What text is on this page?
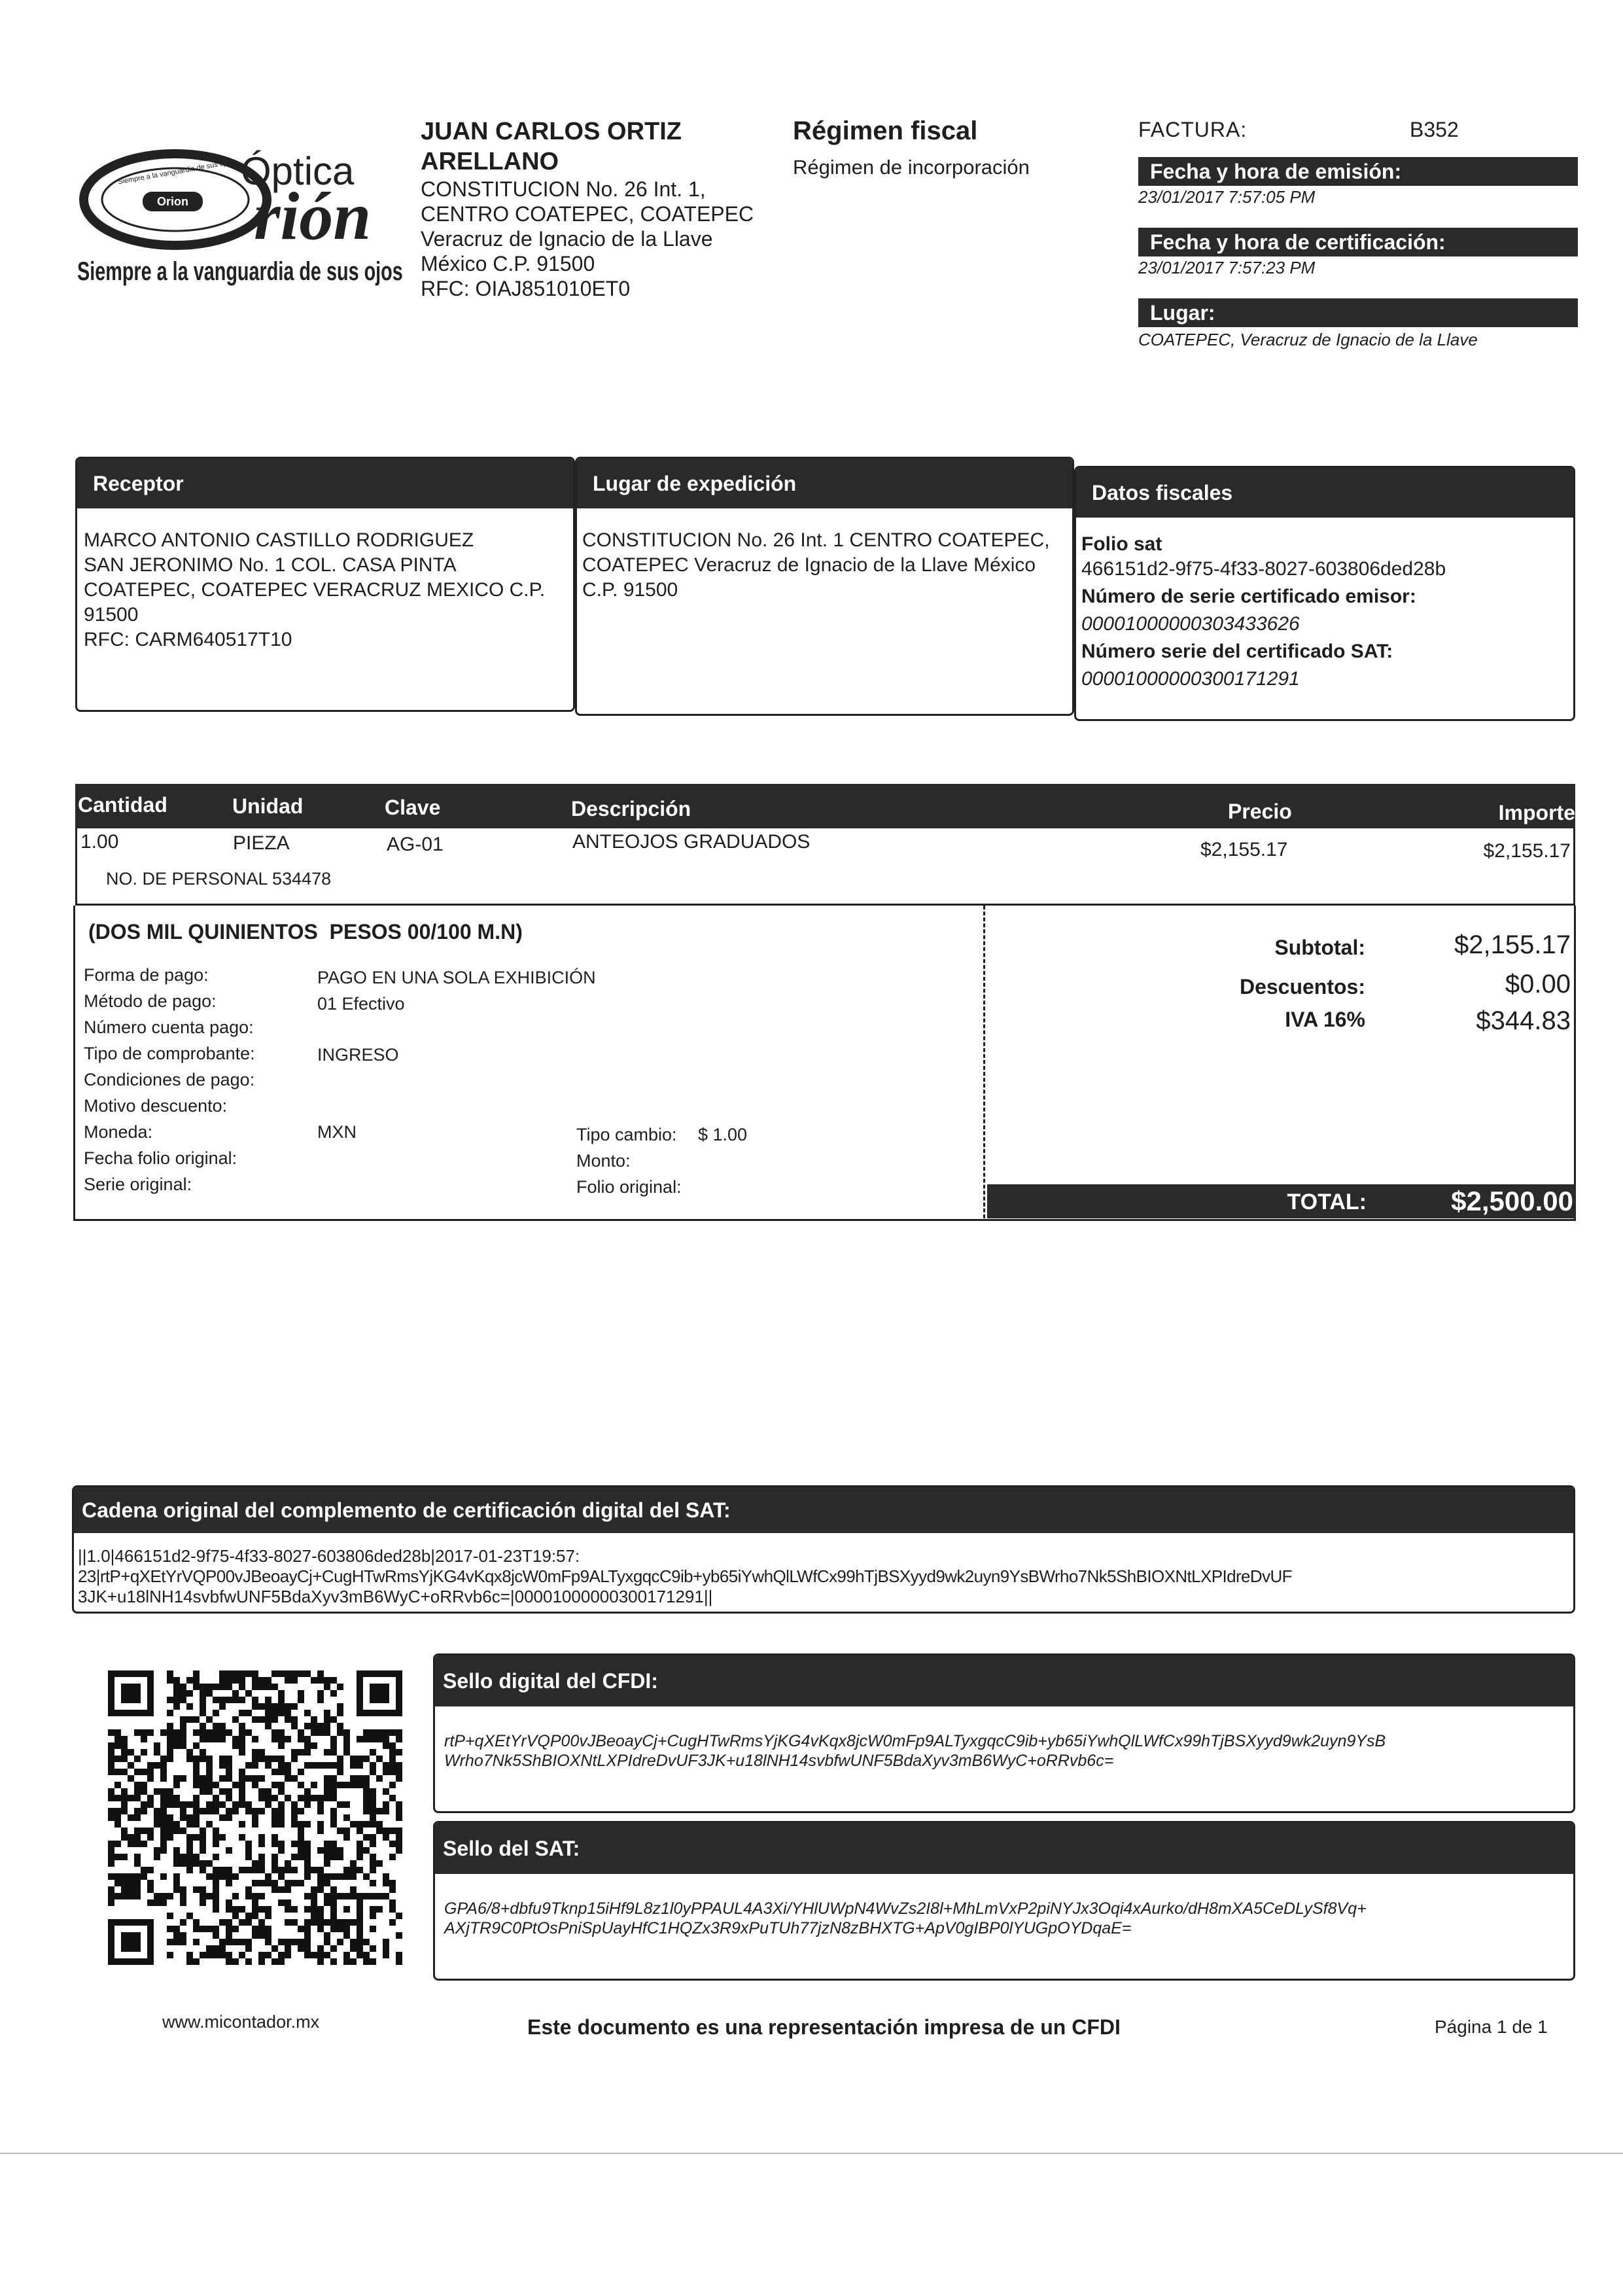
Orion
Siempre a la vanguardia de sus ojos Óptica
rión
Siempre a la vanguardia de sus ojos
JUAN CARLOS ORTIZ
ARELLANO
CONSTITUCION No. 26 Int. 1,
CENTRO COATEPEC, COATEPEC
Veracruz de Ignacio de la Llave
México C.P. 91500
RFC: OIAJ851010ET0
Régimen fiscal
Régimen de incorporación
FACTURA:	B352
Fecha y hora de emisión:
23/01/2017 7:57:05 PM
Fecha y hora de certificación:
23/01/2017 7:57:23 PM
Lugar:
COATEPEC, Veracruz de Ignacio de la Llave
Receptor
MARCO ANTONIO CASTILLO RODRIGUEZ
SAN JERONIMO No. 1 COL. CASA PINTA
COATEPEC, COATEPEC VERACRUZ MEXICO C.P.
91500
RFC: CARM640517T10
Lugar de expedición
CONSTITUCION No. 26 Int. 1 CENTRO COATEPEC, COATEPEC Veracruz de Ignacio de la Llave México C.P. 91500
Datos fiscales
Folio sat
466151d2-9f75-4f33-8027-603806ded28b
Número de serie certificado emisor:
00001000000303433626
Número serie del certificado SAT:
00001000000300171291
Cantidad	Unidad	Clave	Descripción	Precio	Importe
1.00	PIEZA	AG-01	ANTEOJOS GRADUADOS	$2,155.17	$2,155.17
NO. DE PERSONAL 534478
(DOS MIL QUINIENTOS  PESOS 00/100 M.N)
Forma de pago:	PAGO EN UNA SOLA EXHIBICIÓN
Método de pago:	01 Efectivo
Número cuenta pago:
Tipo de comprobante:	INGRESO
Condiciones de pago:
Motivo descuento:
Moneda:	MXN	Tipo cambio: $ 1.00
Fecha folio original:	Monto:
Serie original:	Folio original:
Subtotal:	$2,155.17
Descuentos:	$0.00
IVA 16%	$344.83
TOTAL:	$2,500.00
Cadena original del complemento de certificación digital del SAT:
||1.0|466151d2-9f75-4f33-8027-603806ded28b|2017-01-23T19:57:
23|rtP+qXEtYrVQP00vJBeoayCj+CugHTwRmsYjKG4vKqx8jcW0mFp9ALTyxgqcC9ib+yb65iYwhQlLWfCx99hTjBSXyyd9wk2uyn9YsBWrho7Nk5ShBIOXNtLXPIdreDvUF
3JK+u18lNH14svbfwUNF5BdaXyv3mB6WyC+oRRvb6c=|00001000000300171291||
Sello digital del CFDI:
rtP+qXEtYrVQP00vJBeoayCj+CugHTwRmsYjKG4vKqx8jcW0mFp9ALTyxgqcC9ib+yb65iYwhQlLWfCx99hTjBSXyyd9wk2uyn9YsB
Wrho7Nk5ShBIOXNtLXPIdreDvUF3JK+u18lNH14svbfwUNF5BdaXyv3mB6WyC+oRRvb6c=
Sello del SAT:
GPA6/8+dbfu9Tknp15iHf9L8z1l0yPPAUL4A3Xi/YHlUWpN4WvZs2I8l+MhLmVxP2piNYJx3Oqi4xAurko/dH8mXA5CeDLySf8Vq+
AXjTR9C0PtOsPniSpUayHfC1HQZx3R9xPuTUh77jzN8zBHXTG+ApV0gIBP0lYUGpOYDqaE=
www.micontador.mx	Este documento es una representación impresa de un CFDI	Página 1 de 1
